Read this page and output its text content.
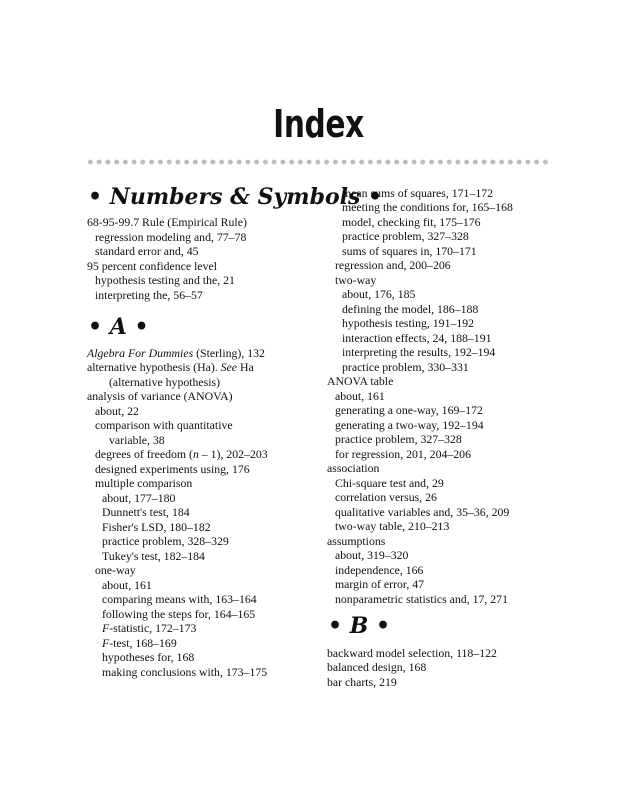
Index
• Numbers & Symbols •
68-95-99.7 Rule (Empirical Rule)
regression modeling and, 77–78
standard error and, 45
95 percent confidence level
hypothesis testing and the, 21
interpreting the, 56–57
• A •
Algebra For Dummies (Sterling), 132
alternative hypothesis (Ha). See Ha
(alternative hypothesis)
analysis of variance (ANOVA)
about, 22
comparison with quantitative
variable, 38
degrees of freedom (n – 1), 202–203
designed experiments using, 176
multiple comparison
about, 177–180
Dunnett's test, 184
Fisher's LSD, 180–182
practice problem, 328–329
Tukey's test, 182–184
one-way
about, 161
comparing means with, 163–164
following the steps for, 164–165
F-statistic, 172–173
F-test, 168–169
hypotheses for, 168
making conclusions with, 173–175
mean sums of squares, 171–172
meeting the conditions for, 165–168
model, checking fit, 175–176
practice problem, 327–328
sums of squares in, 170–171
regression and, 200–206
two-way
about, 176, 185
defining the model, 186–188
hypothesis testing, 191–192
interaction effects, 24, 188–191
interpreting the results, 192–194
practice problem, 330–331
ANOVA table
about, 161
generating a one-way, 169–172
generating a two-way, 192–194
practice problem, 327–328
for regression, 201, 204–206
association
Chi-square test and, 29
correlation versus, 26
qualitative variables and, 35–36, 209
two-way table, 210–213
assumptions
about, 319–320
independence, 166
margin of error, 47
nonparametric statistics and, 17, 271
• B •
backward model selection, 118–122
balanced design, 168
bar charts, 219
